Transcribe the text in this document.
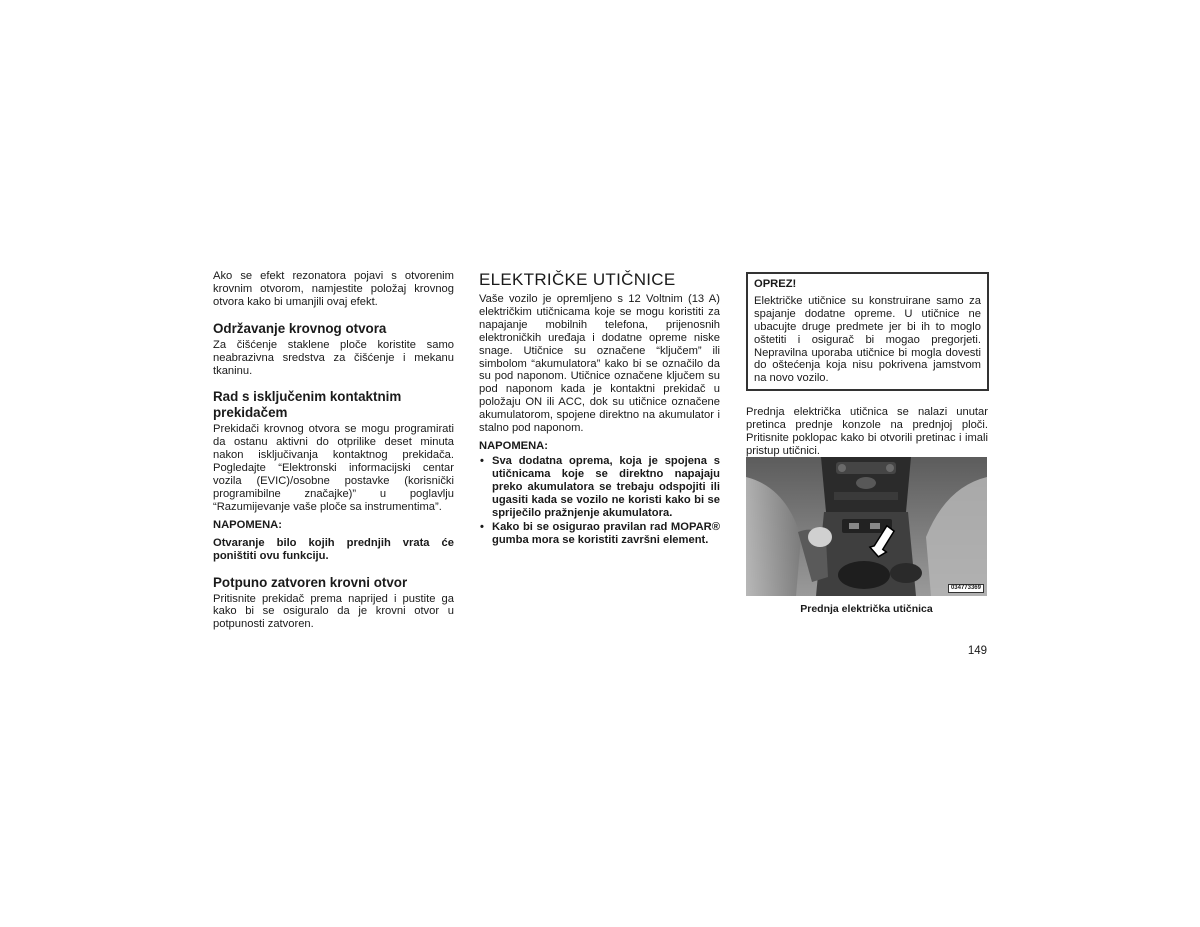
Ako se efekt rezonatora pojavi s otvorenim krovnim otvorom, namjestite položaj krovnog otvora kako bi umanjili ovaj efekt.

Održavanje krovnog otvora

Za čišćenje staklene ploče koristite samo neabrazivna sredstva za čišćenje i mekanu tkaninu.

Rad s isključenim kontaktnim prekidačem

Prekidači krovnog otvora se mogu programirati da ostanu aktivni do otprilike deset minuta nakon isključivanja kontaktnog prekidača. Pogledajte “Elektronski informacijski centar vozila (EVIC)/osobne postavke (korisnički programibilne značajke)” u poglavlju “Razumijevanje vaše ploče sa instrumentima”.

NAPOMENA:

Otvaranje bilo kojih prednjih vrata će poništiti ovu funkciju.

Potpuno zatvoren krovni otvor

Pritisnite prekidač prema naprijed i pustite ga kako bi se osiguralo da je krovni otvor u potpunosti zatvoren.

ELEKTRIČKE UTIČNICE

Vaše vozilo je opremljeno s 12 Voltnim (13 A) električkim utičnicama koje se mogu koristiti za napajanje mobilnih telefona, prijenosnih elektroničkih uređaja i dodatne opreme niske snage. Utičnice su označene “ključem” ili simbolom “akumulatora” kako bi se označilo da su pod naponom. Utičnice označene ključem su pod naponom kada je kontaktni prekidač u položaju ON ili ACC, dok su utičnice označene akumulatorom, spojene direktno na akumulator i stalno pod naponom.

NAPOMENA:

• Sva dodatna oprema, koja je spojena s utičnicama koje se direktno napajaju preko akumulatora se trebaju odspojiti ili ugasiti kada se vozilo ne koristi kako bi se spriječilo pražnjenje akumulatora.
• Kako bi se osigurao pravilan rad MOPAR® gumba mora se koristiti završni element.
OPREZ!

Električke utičnice su konstruirane samo za spajanje dodatne opreme. U utičnice ne ubacujte druge predmete jer bi ih to moglo oštetiti i osigurač bi mogao pregorjeti. Nepravilna uporaba utičnice bi mogla dovesti do oštećenja koja nisu pokrivena jamstvom na novo vozilo.

Prednja električka utičnica se nalazi unutar pretinca prednje konzole na prednjoj ploči. Pritisnite poklopac kako bi otvorili pretinac i imali pristup utičnici.

034773369
Prednja električka utičnica
149
